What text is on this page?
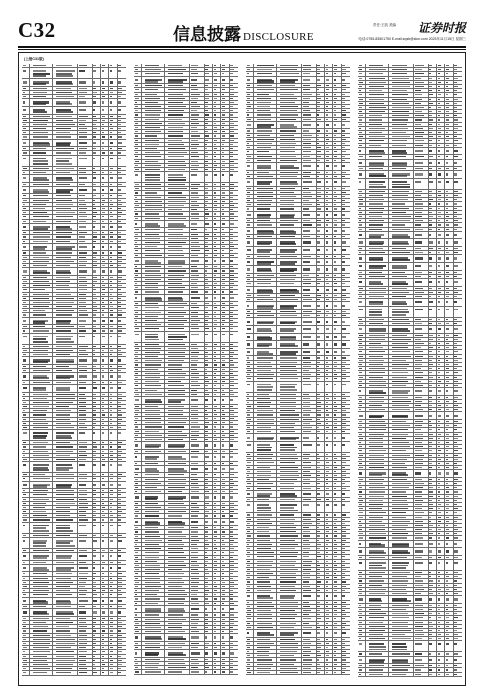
C32	信息披露 DISCLOSURE
责任:王凯 美编 证券时报
电话:0755-83501750 E-mail:zqsb@stcn.com 2023年11月15日 星期三
(上接C31版)
